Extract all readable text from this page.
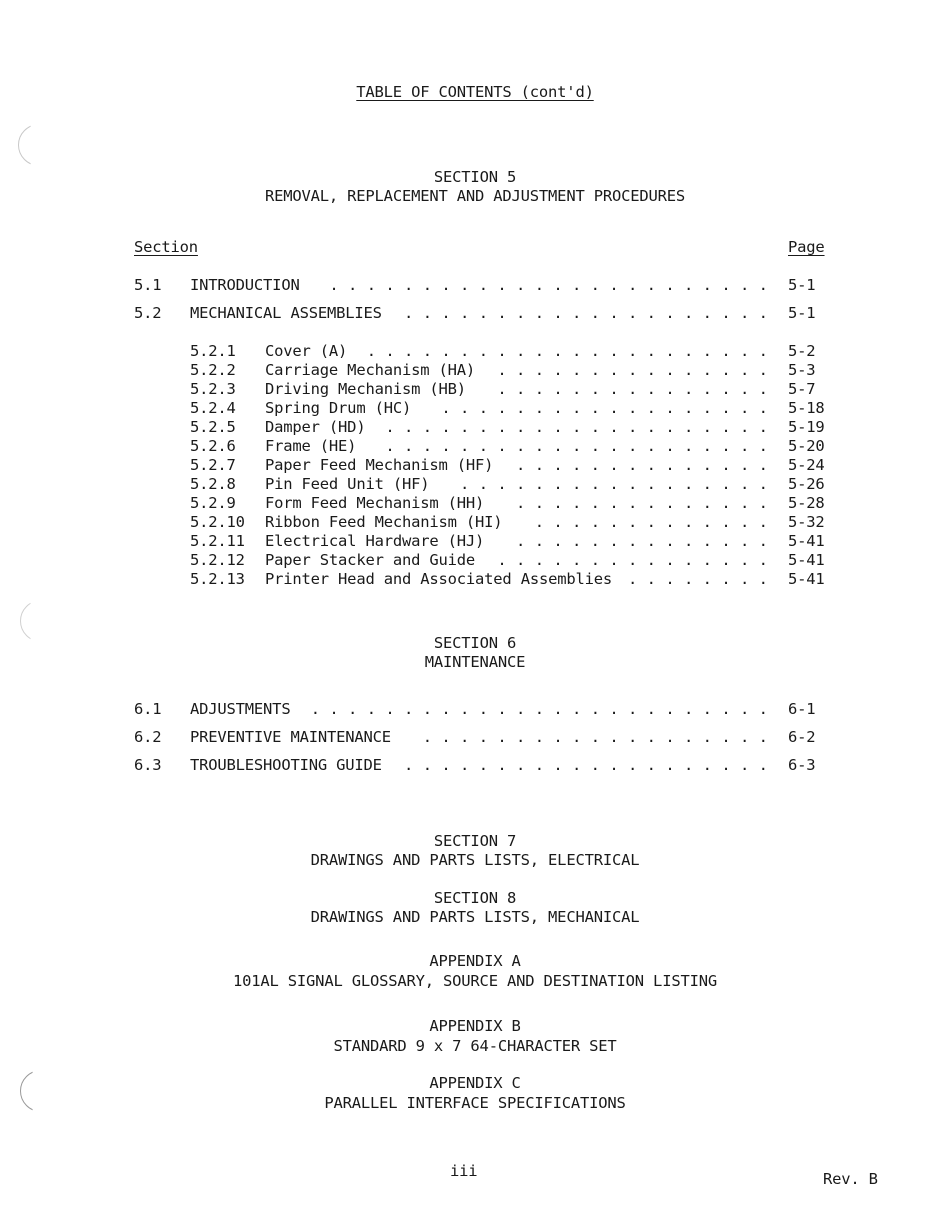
TABLE OF CONTENTS (cont'd)
SECTION 5
REMOVAL, REPLACEMENT AND ADJUSTMENT PROCEDURES
Section	Page
5.1 INTRODUCTION	. . . . . . . . . . . . . . . . . . . . . . . . 5-1
5.2 MECHANICAL ASSEMBLIES	. . . . . . . . . . . . . . . . . . . . 5-1
5.2.1 Cover (A)	. . . . . . . . . . . . . . . . . . . . . . 5-2
5.2.2 Carriage Mechanism (HA)	. . . . . . . . . . . . . . . 5-3
5.2.3 Driving Mechanism (HB)	. . . . . . . . . . . . . . . 5-7
5.2.4 Spring Drum (HC)	. . . . . . . . . . . . . . . . . . 5-18
5.2.5 Damper (HD)	. . . . . . . . . . . . . . . . . . . . . 5-19
5.2.6 Frame (HE)	. . . . . . . . . . . . . . . . . . . . . 5-20
5.2.7 Paper Feed Mechanism (HF)	. . . . . . . . . . . . . . 5-24
5.2.8 Pin Feed Unit (HF)	. . . . . . . . . . . . . . . . . 5-26
5.2.9 Form Feed Mechanism (HH)	. . . . . . . . . . . . . . 5-28
5.2.10 Ribbon Feed Mechanism (HI)	. . . . . . . . . . . . . 5-32
5.2.11 Electrical Hardware (HJ)	. . . . . . . . . . . . . . 5-41
5.2.12 Paper Stacker and Guide	. . . . . . . . . . . . . . . 5-41
5.2.13 Printer Head and Associated Assemblies	. . . . . . . . 5-41
SECTION 6
MAINTENANCE
6.1 ADJUSTMENTS	. . . . . . . . . . . . . . . . . . . . . . . . . 6-1
6.2 PREVENTIVE MAINTENANCE	. . . . . . . . . . . . . . . . . . . 6-2
6.3 TROUBLESHOOTING GUIDE	. . . . . . . . . . . . . . . . . . . . 6-3
SECTION 7
DRAWINGS AND PARTS LISTS, ELECTRICAL
SECTION 8
DRAWINGS AND PARTS LISTS, MECHANICAL
APPENDIX A
101AL SIGNAL GLOSSARY, SOURCE AND DESTINATION LISTING
APPENDIX B
STANDARD 9 x 7 64-CHARACTER SET
APPENDIX C
PARALLEL INTERFACE SPECIFICATIONS
iii	Rev. B
